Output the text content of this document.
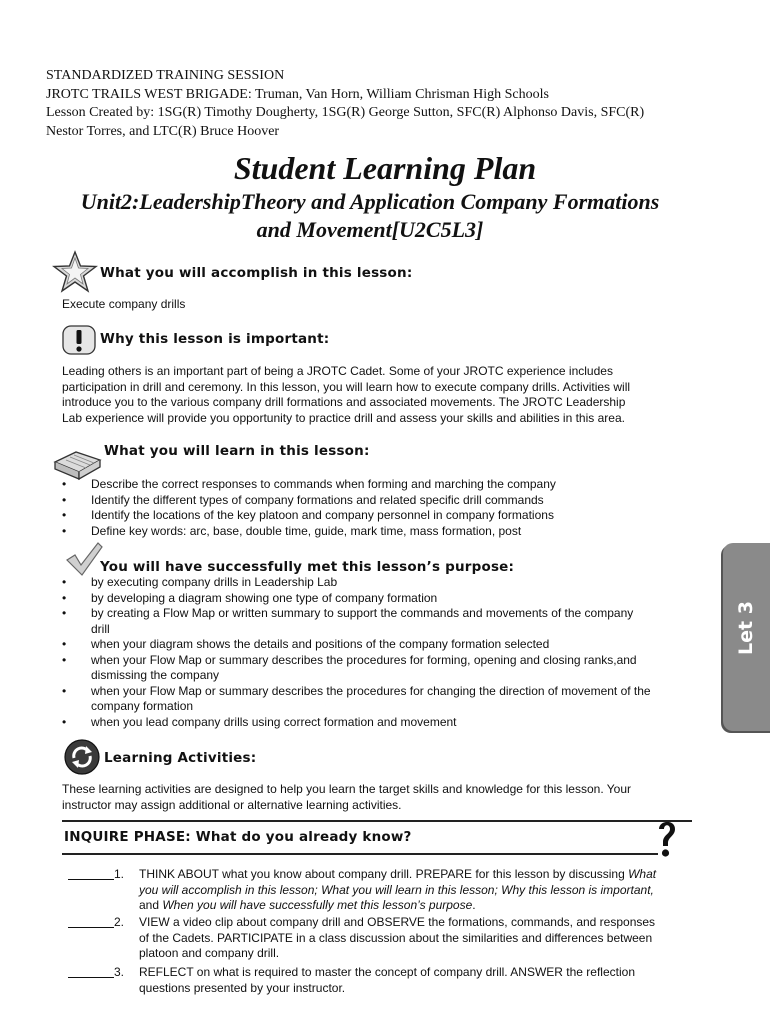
STANDARDIZED TRAINING SESSION
JROTC TRAILS WEST BRIGADE: Truman, Van Horn, William Chrisman High Schools
Lesson Created by: 1SG(R) Timothy Dougherty, 1SG(R) George Sutton, SFC(R) Alphonso Davis, SFC(R)
Nestor Torres, and LTC(R) Bruce Hoover
Student Learning Plan
Unit2:LeadershipTheory and Application Company Formations
and Movement[U2C5L3]
What you will accomplish in this lesson:
Execute company drills
Why this lesson is important:
Leading others is an important part of being a JROTC Cadet. Some of your JROTC experience includes
participation in drill and ceremony. In this lesson, you will learn how to execute company drills. Activities will
introduce you to the various company drill formations and associated movements. The JROTC Leadership
Lab experience will provide you opportunity to practice drill and assess your skills and abilities in this area.
What you will learn in this lesson:
• Describe the correct responses to commands when forming and marching the company
• Identify the different types of company formations and related specific drill commands
• Identify the locations of the key platoon and company personnel in company formations
• Define key words: arc, base, double time, guide, mark time, mass formation, post
You will have successfully met this lesson’s purpose:
• by executing company drills in Leadership Lab
• by developing a diagram showing one type of company formation
• by creating a Flow Map or written summary to support the commands and movements of the company drill
• when your diagram shows the details and positions of the company formation selected
• when your Flow Map or summary describes the procedures for forming, opening and closing ranks,and dismissing the company
• when your Flow Map or summary describes the procedures for changing the direction of movement of the company formation
• when you lead company drills using correct formation and movement
Let 3
Learning Activities:
These learning activities are designed to help you learn the target skills and knowledge for this lesson. Your
instructor may assign additional or alternative learning activities.
INQUIRE PHASE: What do you already know?
1. THINK ABOUT what you know about company drill. PREPARE for this lesson by discussing What
you will accomplish in this lesson; What you will learn in this lesson; Why this lesson is important,
and When you will have successfully met this lesson’s purpose.
2. VIEW a video clip about company drill and OBSERVE the formations, commands, and responses
of the Cadets. PARTICIPATE in a class discussion about the similarities and differences between
platoon and company drill.
3. REFLECT on what is required to master the concept of company drill. ANSWER the reflection
questions presented by your instructor.
